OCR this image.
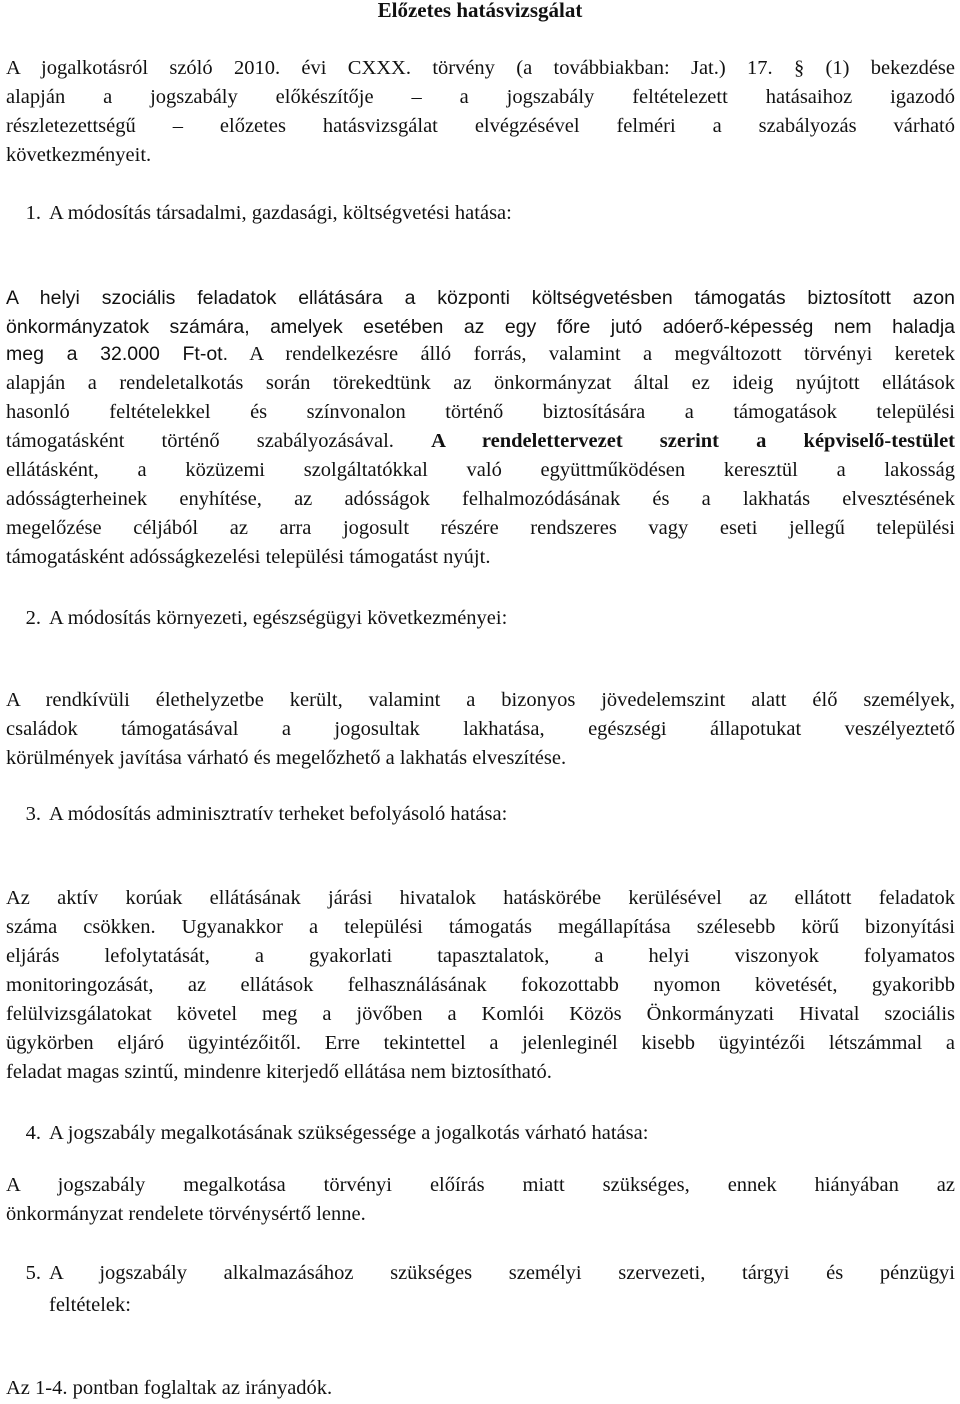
Előzetes hatásvizsgálat
A jogalkotásról szóló 2010. évi CXXX. törvény (a továbbiakban: Jat.) 17. § (1) bekezdése
alapján a jogszabály előkészítője – a jogszabály feltételezett hatásaihoz igazodó
részletezettségű – előzetes hatásvizsgálat elvégzésével felméri a szabályozás várható
következményeit.
1. A módosítás társadalmi, gazdasági, költségvetési hatása:
A helyi szociális feladatok ellátására a központi költségvetésben támogatás biztosított azon
önkormányzatok számára, amelyek esetében az egy főre jutó adóerő-képesség nem haladja
meg a 32.000 Ft-ot. A rendelkezésre álló forrás, valamint a megváltozott törvényi keretek
alapján a rendeletalkotás során törekedtünk az önkormányzat által ez ideig nyújtott ellátások
hasonló feltételekkel és színvonalon történő biztosítására a támogatások települési
támogatásként történő szabályozásával. A rendelettervezet szerint a képviselő-testület
ellátásként, a közüzemi szolgáltatókkal való együttműködésen keresztül a lakosság
adósságterheinek enyhítése, az adósságok felhalmozódásának és a lakhatás elvesztésének
megelőzése céljából az arra jogosult részére rendszeres vagy eseti jellegű települési
támogatásként adósságkezelési települési támogatást nyújt.
2. A módosítás környezeti, egészségügyi következményei:
A rendkívüli élethelyzetbe került, valamint a bizonyos jövedelemszint alatt élő személyek,
családok támogatásával a jogosultak lakhatása, egészségi állapotukat veszélyeztető
körülmények javítása várható és megelőzhető a lakhatás elveszítése.
3. A módosítás adminisztratív terheket befolyásoló hatása:
Az aktív korúak ellátásának járási hivatalok hatáskörébe kerülésével az ellátott feladatok
száma csökken. Ugyanakkor a települési támogatás megállapítása szélesebb körű bizonyítási
eljárás lefolytatását, a gyakorlati tapasztalatok, a helyi viszonyok folyamatos
monitoringozását, az ellátások felhasználásának fokozottabb nyomon követését, gyakoribb
felülvizsgálatokat követel meg a jövőben a Komlói Közös Önkormányzati Hivatal szociális
ügykörben eljáró ügyintézőitől. Erre tekintettel a jelenleginél kisebb ügyintézői létszámmal a
feladat magas szintű, mindenre kiterjedő ellátása nem biztosítható.
4. A jogszabály megalkotásának szükségessége a jogalkotás várható hatása:
A jogszabály megalkotása törvényi előírás miatt szükséges, ennek hiányában az
önkormányzat rendelete törvénysértő lenne.
5. A jogszabály alkalmazásához szükséges személyi szervezeti, tárgyi és pénzügyi
feltételek:
Az 1-4. pontban foglaltak az irányadók.
